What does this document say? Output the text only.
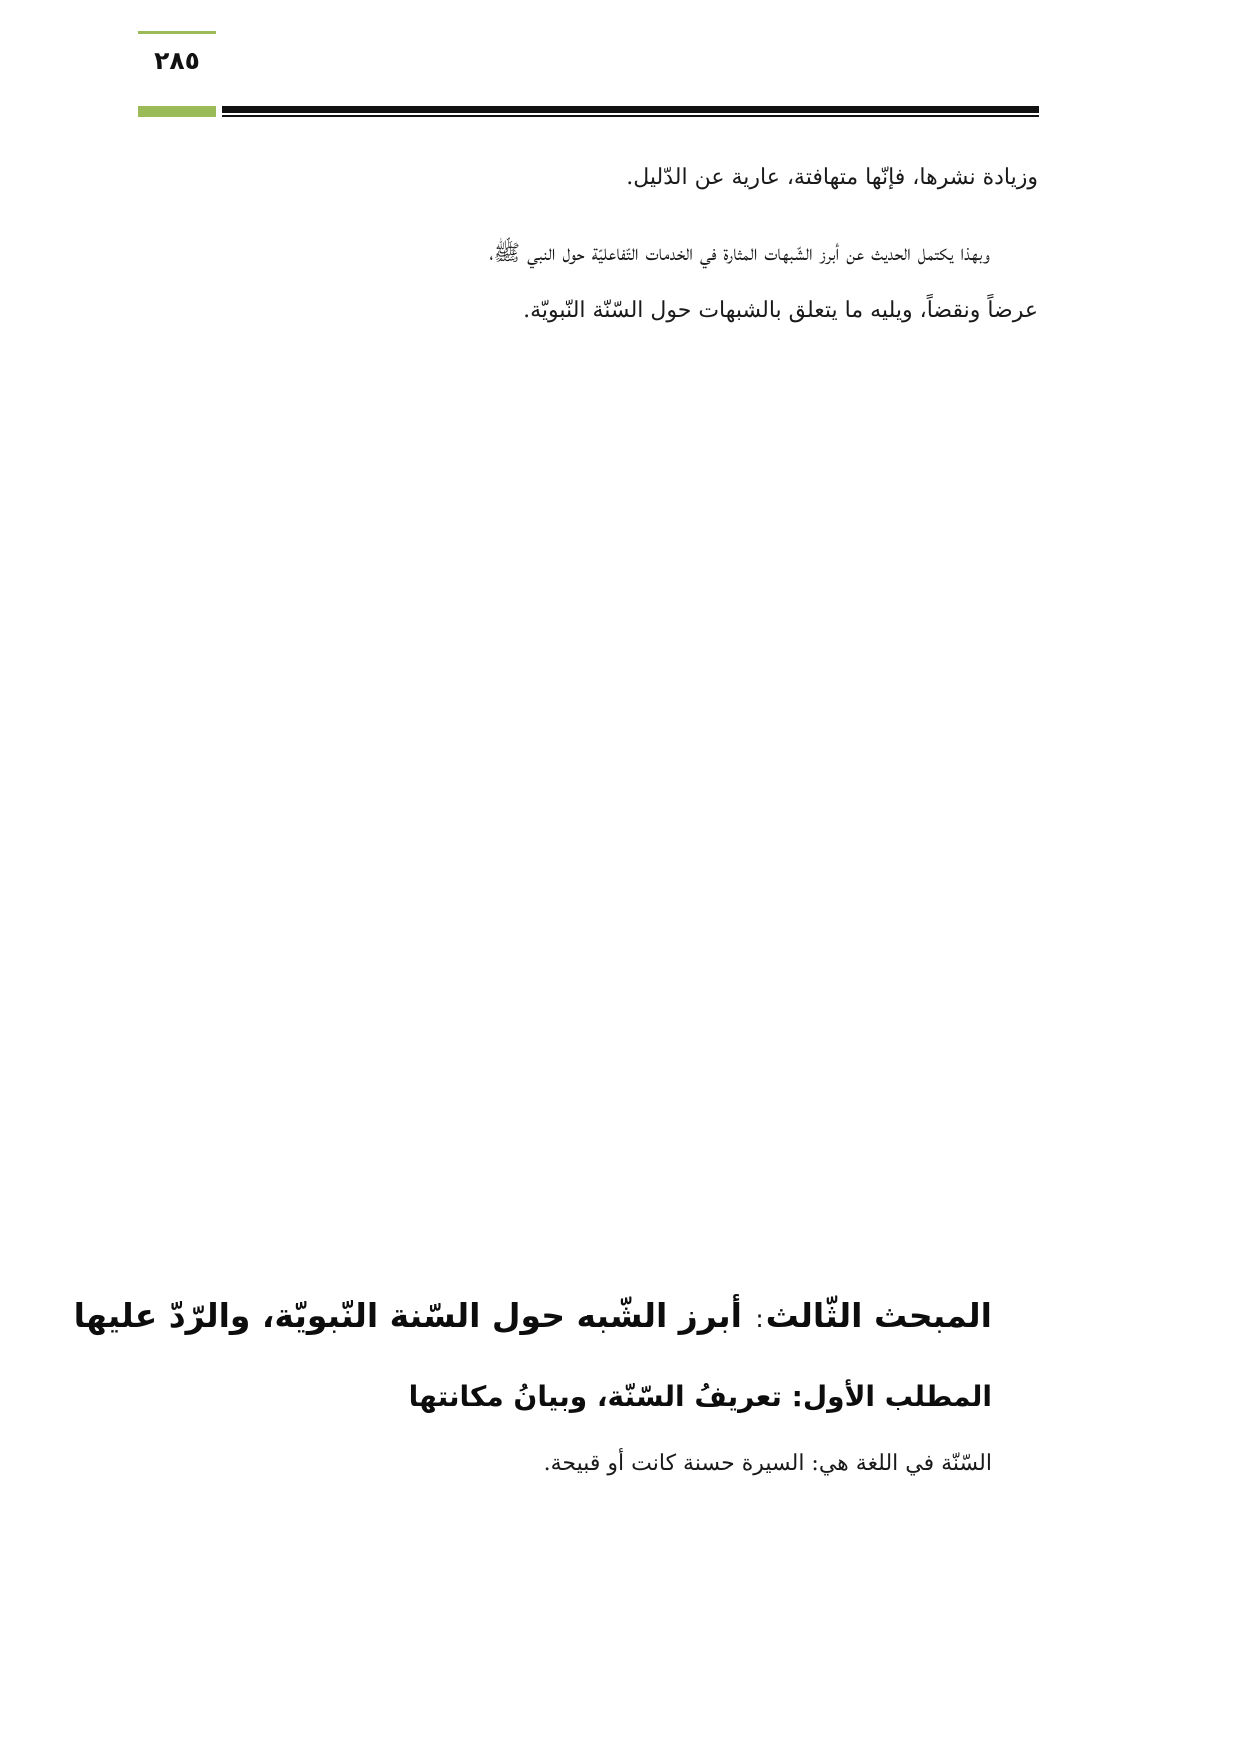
٢٨٥

وزيادة نشرها، فإنّها متهافتة، عارية عن الدّليل.

وبهذا يكتمل الحديث عن أبرز الشّبهات المثارة في الخدمات التّفاعليّة حول النبي ﷺ،
عرضاً ونقضاً، ويليه ما يتعلق بالشبهات حول السّنّة النّبويّة.

المبحث الثّالث: أبرز الشّبه حول السّنة النّبويّة، والرّدّ عليها
المطلب الأول: تعريفُ السّنّة، وبيانُ مكانتها

السّنّة في اللغة هي: السيرة حسنة كانت أو قبيحة.
